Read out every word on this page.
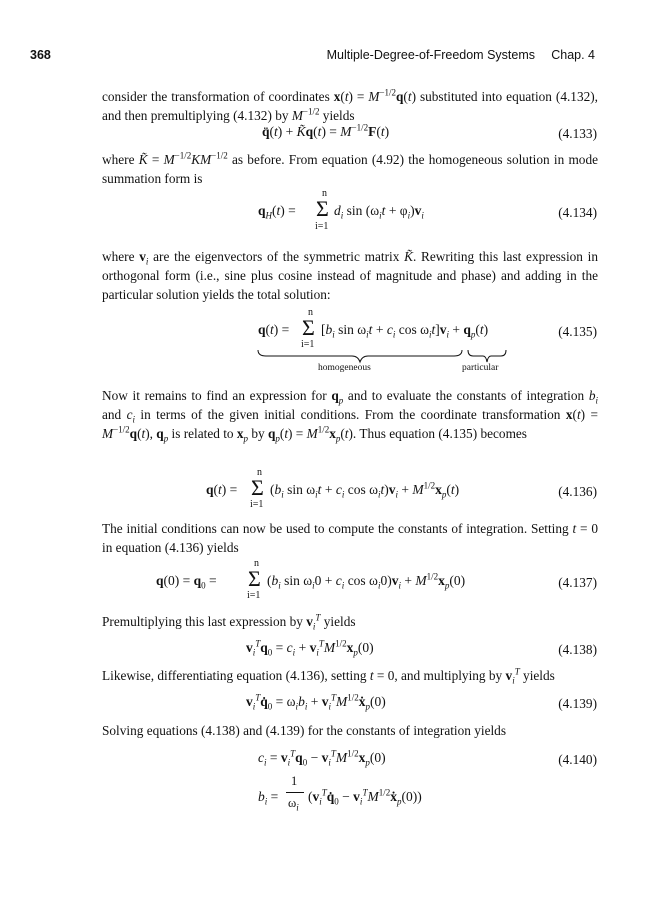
368	Multiple-Degree-of-Freedom Systems Chap. 4

consider the transformation of coordinates $x(t) = M^{-1/2}q(t)$ substituted into equation (4.132), and then premultiplying (4.132) by $M^{-1/2}$ yields

q̈(t) + K̃q(t) = $M^{-1/2}F(t)$	(4.133)

where K̃ = $M^{-1/2}KM^{-1/2}$ as before. From equation (4.92) the homogeneous solution in mode summation form is

$q_H(t)$ =
n
Σ
i=1
$d_i$ $\sin (\omega_it + \varphi_i)v_i$	(4.134)

where $v_i$ are the eigenvectors of the symmetric matrix K̃. Rewriting this last expression in orthogonal form (i.e., sine plus cosine instead of magnitude and phase) and adding in the particular solution yields the total solution:

q(t) =
n
Σ
i=1
[$b_i$ $\sin \omega_it + c_i$ $\cos \omega_it]v_i + q_p(t)$
homogeneous	particular
(4.135)

Now it remains to find an expression for $q_p$ and to evaluate the constants of integration $b_i$ and $c_i$ in terms of the given initial conditions. From the coordinate transformation $x(t) = M^{-1/2}q(t)$, $q_p$ is related to $x_p$ by $q_p(t) = M^{1/2}x_p(t)$. Thus equation (4.135) becomes

q(t) =
n
Σ
i=1
($b_i$ $\sin \omega_it + c_i$ $\cos \omega_it)v_i + M^{1/2}x_p(t)$	(4.136)

The initial conditions can now be used to compute the constants of integration. Setting t = 0 in equation (4.136) yields

$q(0) = q_0$ =
n
Σ
i=1
($b_i$ $\sin \omega_i0 + c_i$ $\cos \omega_i0)v_i + M^{1/2}x_p(0)$	(4.137)

Premultiplying this last expression by $v_i^T$ yields

$v_i^Tq_0 = c_i + v_i^TM^{1/2}x_p(0)$	(4.138)

Likewise, differentiating equation (4.136), setting t = 0, and multiplying by $v_i^T$ yields

$v_i^Tq̇_0 = \omega_ib_i$ + $v_i^TM^{1/2}ẋ_p(0)$	(4.139)

Solving equations (4.138) and (4.139) for the constants of integration yields

$c_i = v_i^Tq_0 - v_i^TM^{1/2}x_p(0)$
$b_i$ =
1
$\omega_i$
($v_i^Tq̇_0$ − $v_i^TM^{1/2}ẋ_p(0)$)
(4.140)
